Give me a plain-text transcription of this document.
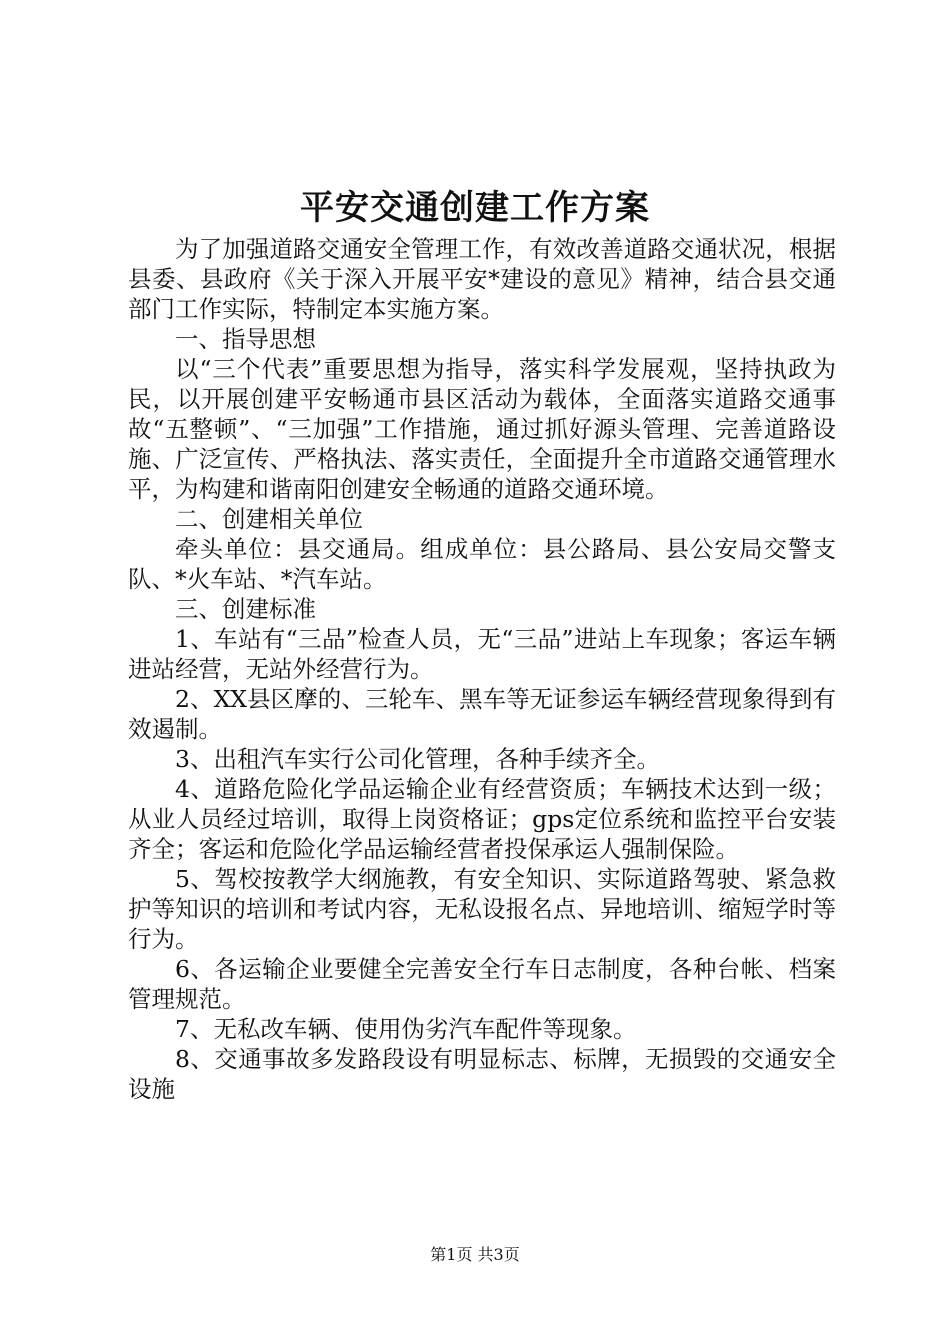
平安交通创建工作方案

为了加强道路交通安全管理工作，有效改善道路交通状况，根据县委、县政府《关于深入开展平安*建设的意见》精神，结合县交通部门工作实际，特制定本实施方案。

一、指导思想

以“三个代表”重要思想为指导，落实科学发展观，坚持执政为民，以开展创建平安畅通市县区活动为载体，全面落实道路交通事故“五整顿”、“三加强”工作措施，通过抓好源头管理、完善道路设施、广泛宣传、严格执法、落实责任，全面提升全市道路交通管理水平，为构建和谐南阳创建安全畅通的道路交通环境。

二、创建相关单位

牵头单位：县交通局。组成单位：县公路局、县公安局交警支队、*火车站、*汽车站。

三、创建标准

1、车站有“三品”检查人员，无“三品”进站上车现象；客运车辆进站经营，无站外经营行为。

2、XX县区摩的、三轮车、黑车等无证参运车辆经营现象得到有效遏制。

3、出租汽车实行公司化管理，各种手续齐全。

4、道路危险化学品运输企业有经营资质；车辆技术达到一级；从业人员经过培训，取得上岗资格证；gps定位系统和监控平台安装齐全；客运和危险化学品运输经营者投保承运人强制保险。

5、驾校按教学大纲施教，有安全知识、实际道路驾驶、紧急救护等知识的培训和考试内容，无私设报名点、异地培训、缩短学时等行为。

6、各运输企业要健全完善安全行车日志制度，各种台帐、档案管理规范。

7、无私改车辆、使用伪劣汽车配件等现象。

8、交通事故多发路段设有明显标志、标牌，无损毁的交通安全设施

第1页 共3页
